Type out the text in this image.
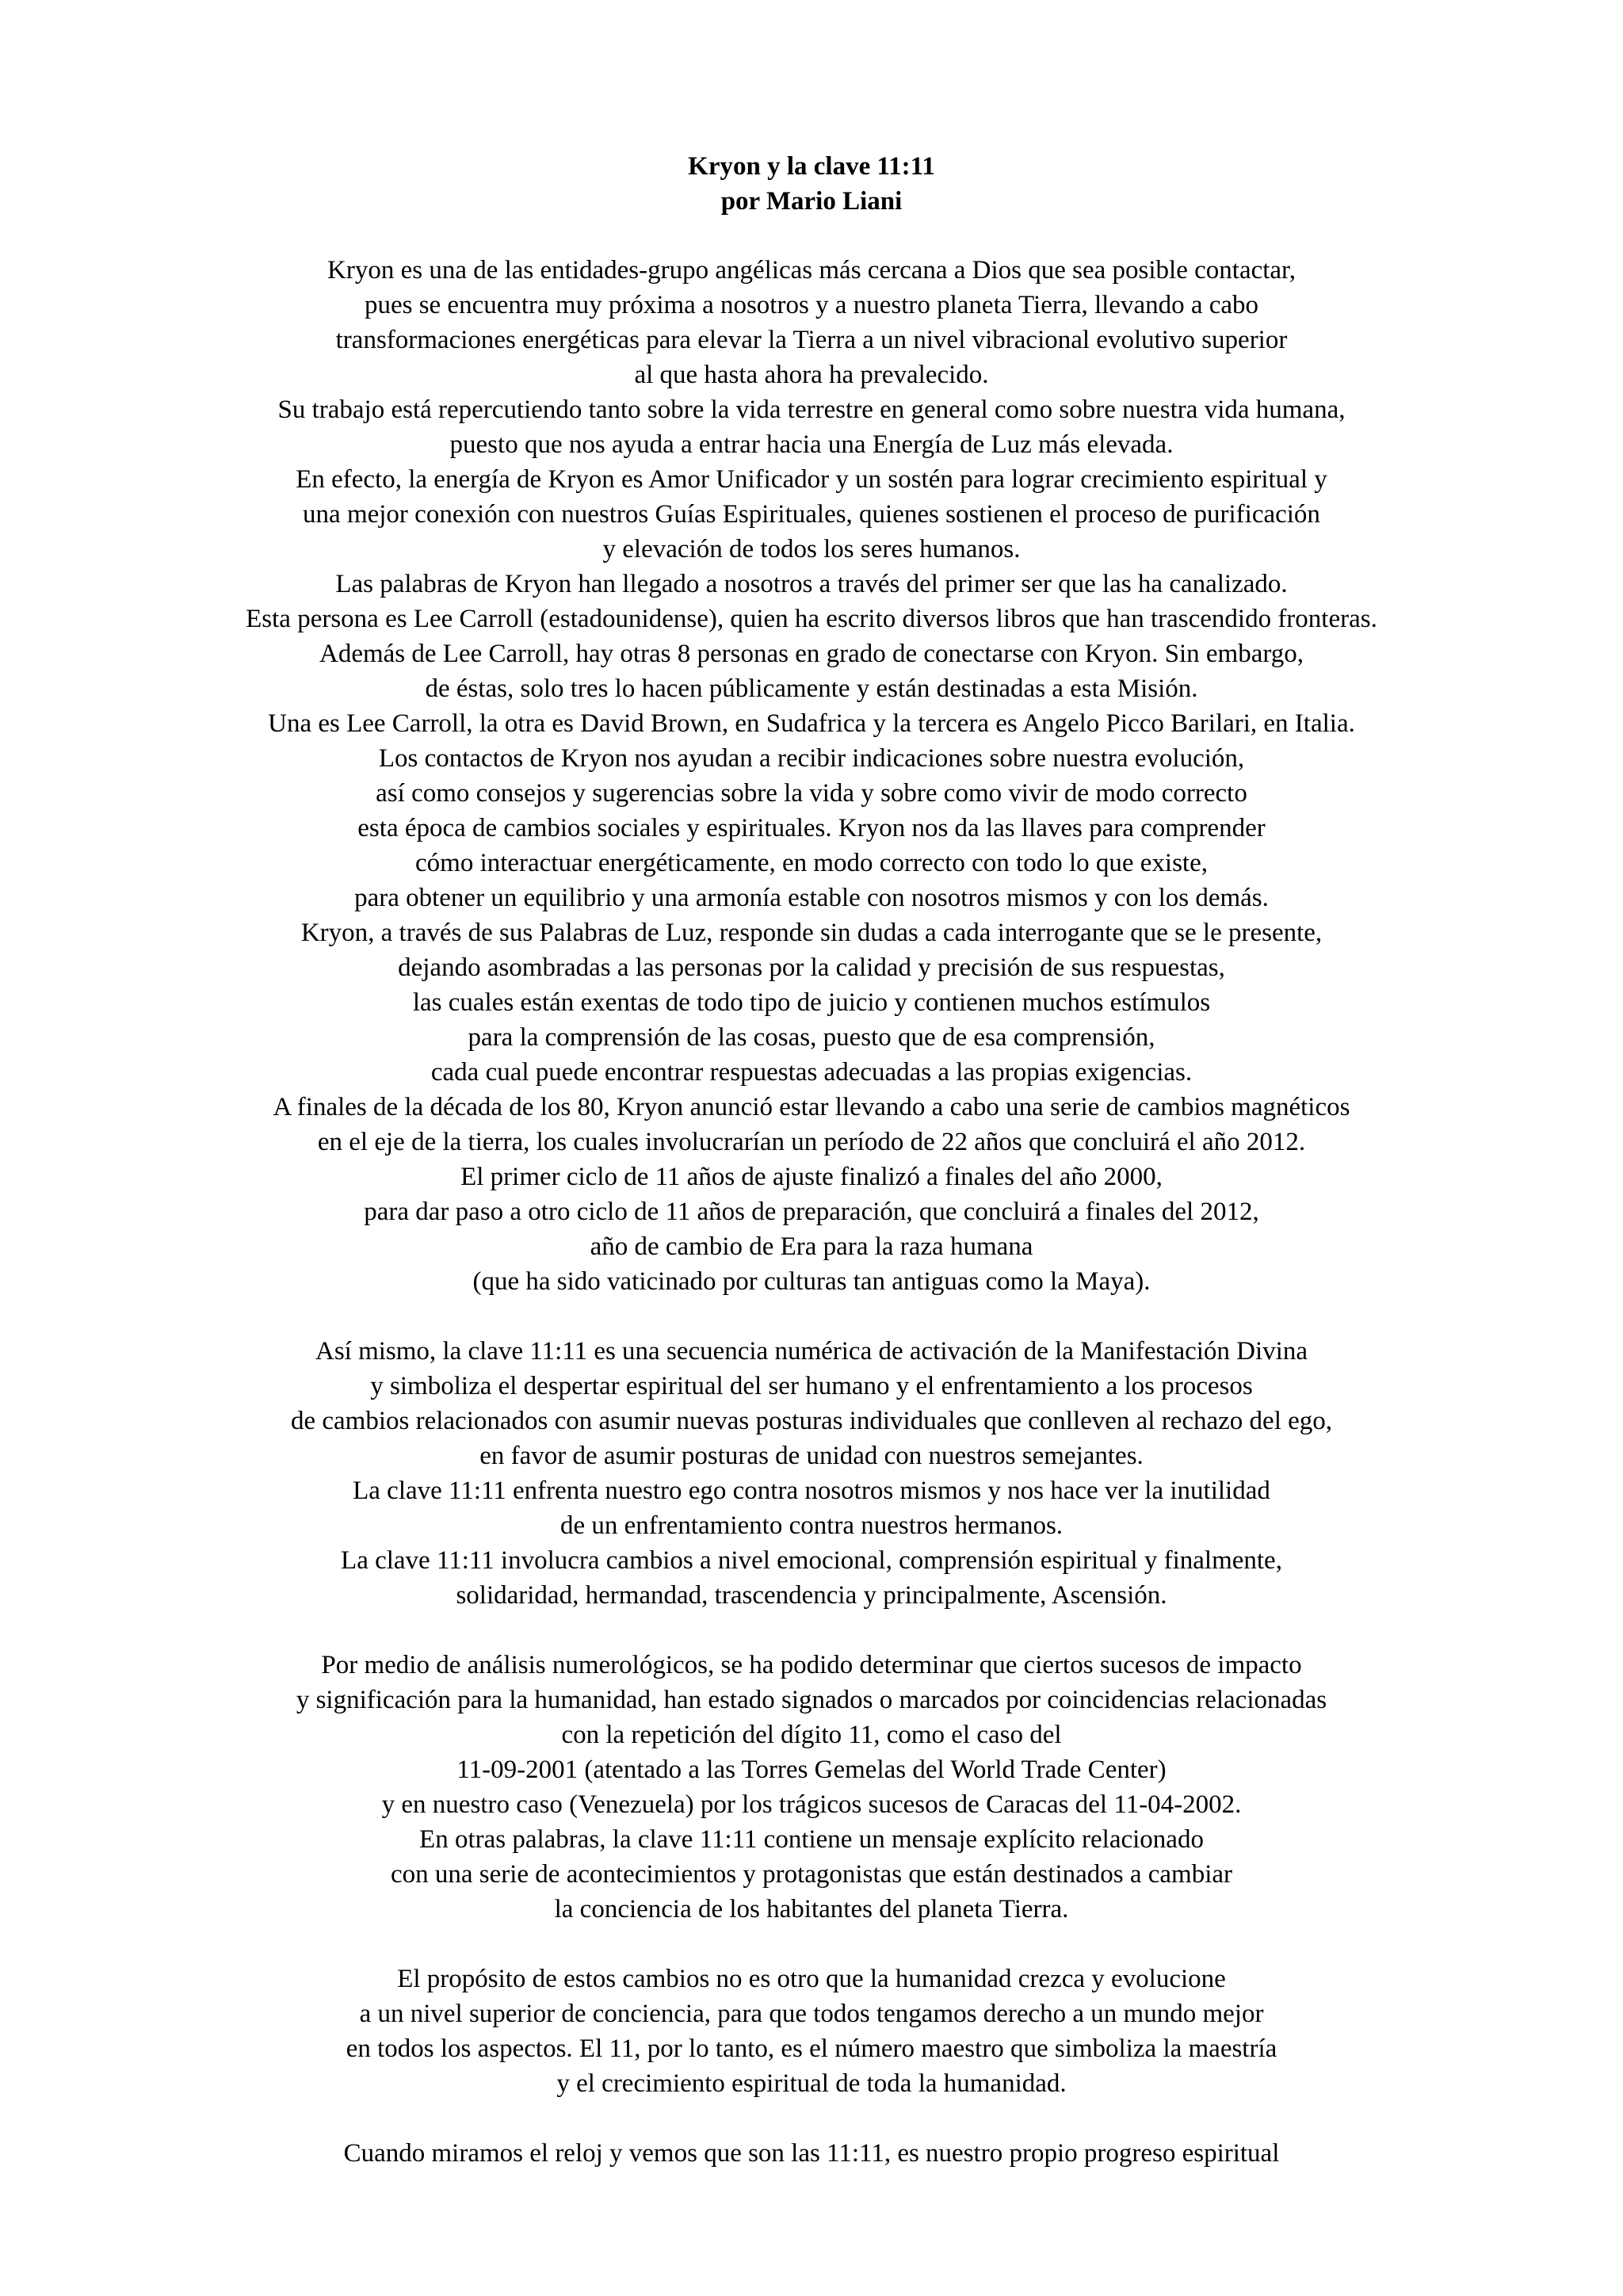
Kryon y la clave 11:11
por Mario Liani
Kryon es una de las entidades-grupo angélicas más cercana a Dios que sea posible contactar,
pues se encuentra muy próxima a nosotros y a nuestro planeta Tierra, llevando a cabo
transformaciones energéticas para elevar la Tierra a un nivel vibracional evolutivo superior
al que hasta ahora ha prevalecido.
Su trabajo está repercutiendo tanto sobre la vida terrestre en general como sobre nuestra vida humana,
puesto que nos ayuda a entrar hacia una Energía de Luz más elevada.
En efecto, la energía de Kryon es Amor Unificador y un sostén para lograr crecimiento espiritual y
una mejor conexión con nuestros Guías Espirituales, quienes sostienen el proceso de purificación
y elevación de todos los seres humanos.
Las palabras de Kryon han llegado a nosotros a través del primer ser que las ha canalizado.
Esta persona es Lee Carroll (estadounidense), quien ha escrito diversos libros que han trascendido fronteras.
Además de Lee Carroll, hay otras 8 personas en grado de conectarse con Kryon. Sin embargo,
de éstas, solo tres lo hacen públicamente y están destinadas a esta Misión.
Una es Lee Carroll, la otra es David Brown, en Sudafrica y la tercera es Angelo Picco Barilari, en Italia.
Los contactos de Kryon nos ayudan a recibir indicaciones sobre nuestra evolución,
así como consejos y sugerencias sobre la vida y sobre como vivir de modo correcto
esta época de cambios sociales y espirituales. Kryon nos da las llaves para comprender
cómo interactuar energéticamente, en modo correcto con todo lo que existe,
para obtener un equilibrio y una armonía estable con nosotros mismos y con los demás.
Kryon, a través de sus Palabras de Luz, responde sin dudas a cada interrogante que se le presente,
dejando asombradas a las personas por la calidad y precisión de sus respuestas,
las cuales están exentas de todo tipo de juicio y contienen muchos estímulos
para la comprensión de las cosas, puesto que de esa comprensión,
cada cual puede encontrar respuestas adecuadas a las propias exigencias.
A finales de la década de los 80, Kryon anunció estar llevando a cabo una serie de cambios magnéticos
en el eje de la tierra, los cuales involucrarían un período de 22 años que concluirá el año 2012.
El primer ciclo de 11 años de ajuste finalizó a finales del año 2000,
para dar paso a otro ciclo de 11 años de preparación, que concluirá a finales del 2012,
año de cambio de Era para la raza humana
(que ha sido vaticinado por culturas tan antiguas como la Maya).
Así mismo, la clave 11:11 es una secuencia numérica de activación de la Manifestación Divina
y simboliza el despertar espiritual del ser humano y el enfrentamiento a los procesos
de cambios relacionados con asumir nuevas posturas individuales que conlleven al rechazo del ego,
en favor de asumir posturas de unidad con nuestros semejantes.
La clave 11:11 enfrenta nuestro ego contra nosotros mismos y nos hace ver la inutilidad
de un enfrentamiento contra nuestros hermanos.
La clave 11:11 involucra cambios a nivel emocional, comprensión espiritual y finalmente,
solidaridad, hermandad, trascendencia y principalmente, Ascensión.
Por medio de análisis numerológicos, se ha podido determinar que ciertos sucesos de impacto
y significación para la humanidad, han estado signados o marcados por coincidencias relacionadas
con la repetición del dígito 11, como el caso del
11-09-2001 (atentado a las Torres Gemelas del World Trade Center)
y en nuestro caso (Venezuela) por los trágicos sucesos de Caracas del 11-04-2002.
En otras palabras, la clave 11:11 contiene un mensaje explícito relacionado
con una serie de acontecimientos y protagonistas que están destinados a cambiar
la conciencia de los habitantes del planeta Tierra.
El propósito de estos cambios no es otro que la humanidad crezca y evolucione
a un nivel superior de conciencia, para que todos tengamos derecho a un mundo mejor
en todos los aspectos. El 11, por lo tanto, es el número maestro que simboliza la maestría
y el crecimiento espiritual de toda la humanidad.
Cuando miramos el reloj y vemos que son las 11:11, es nuestro propio progreso espiritual
